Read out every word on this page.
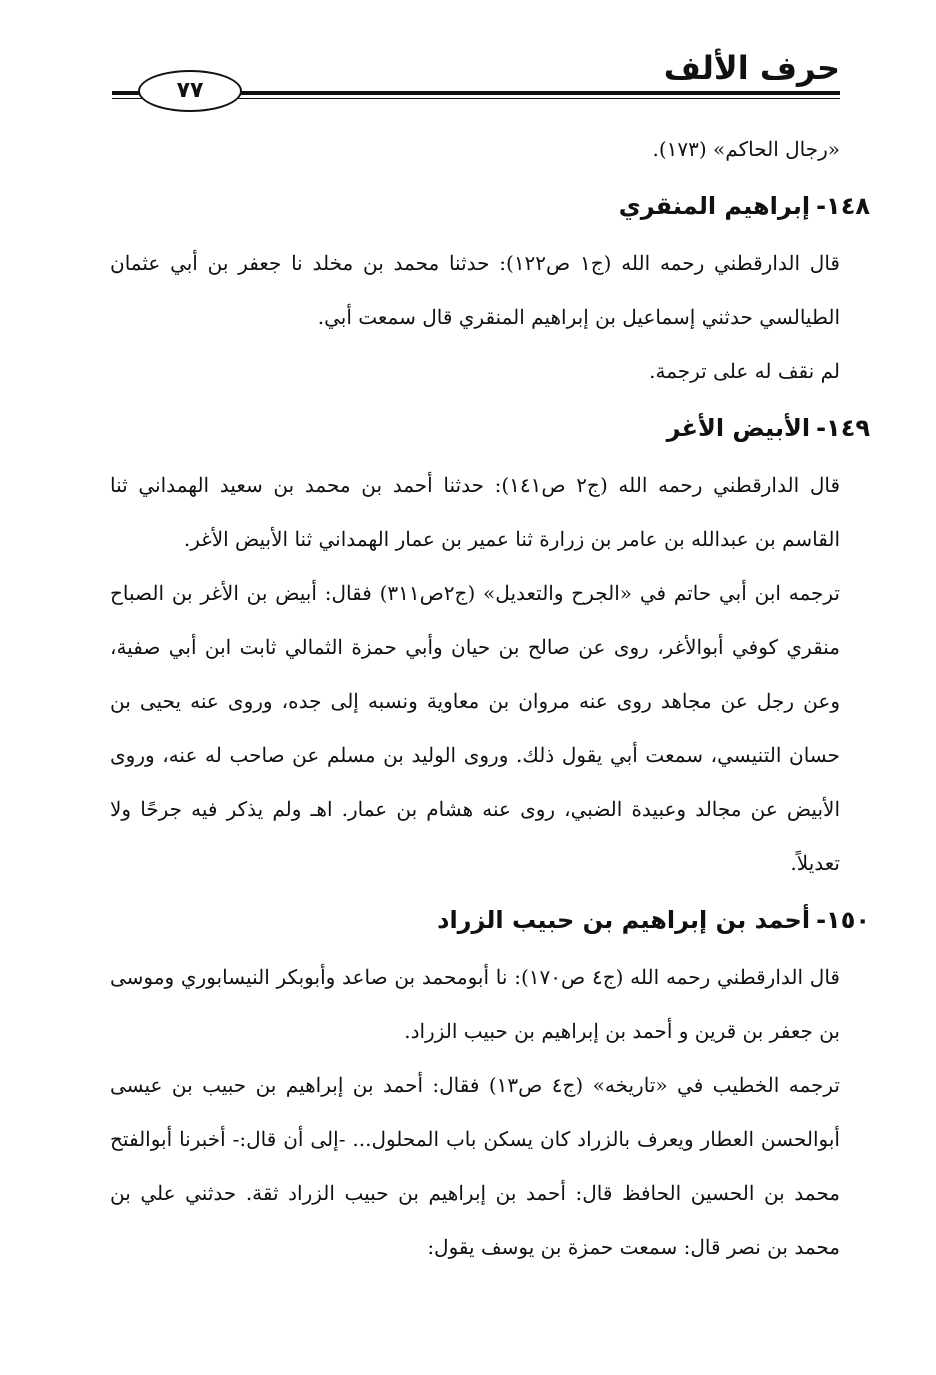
حرف الألف
٧٧

«رجال الحاكم» (١٧٣).

١٤٨-إبراهيم المنقري

قال الدارقطني رحمه الله (ج١ ص١٢٢): حدثنا محمد بن مخلد نا جعفر بن أبي عثمان الطيالسي حدثني إسماعيل بن إبراهيم المنقري قال سمعت أبي.

لم نقف له على ترجمة.

١٤٩-الأبيض الأغر

قال الدارقطني رحمه الله (ج٢ ص١٤١): حدثنا أحمد بن محمد بن سعيد الهمداني ثنا القاسم بن عبدالله بن عامر بن زرارة ثنا عمير بن عمار الهمداني ثنا الأبيض الأغر.

ترجمه ابن أبي حاتم في «الجرح والتعديل» (ج٢ص٣١١) فقال: أبيض بن الأغر بن الصباح منقري كوفي أبوالأغر، روى عن صالح بن حيان وأبي حمزة الثمالي ثابت ابن أبي صفية، وعن رجل عن مجاهد روى عنه مروان بن معاوية ونسبه إلى جده، وروى عنه يحيى بن حسان التنيسي، سمعت أبي يقول ذلك. وروى الوليد بن مسلم عن صاحب له عنه، وروى الأبيض عن مجالد وعبيدة الضبي، روى عنه هشام بن عمار. اهـ ولم يذكر فيه جرحًا ولا تعديلاً.

١٥٠-أحمد بن إبراهيم بن حبيب الزراد

قال الدارقطني رحمه الله (ج٤ ص١٧٠): نا أبومحمد بن صاعد وأبوبكر النيسابوري وموسى بن جعفر بن قرين و أحمد بن إبراهيم بن حبيب الزراد.

ترجمه الخطيب في «تاريخه» (ج٤ ص١٣) فقال: أحمد بن إبراهيم بن حبيب بن عيسى أبوالحسن العطار ويعرف بالزراد كان يسكن باب المحلول... -إلى أن قال:- أخبرنا أبوالفتح محمد بن الحسين الحافظ قال: أحمد بن إبراهيم بن حبيب الزراد ثقة. حدثني علي بن محمد بن نصر قال: سمعت حمزة بن يوسف يقول:
